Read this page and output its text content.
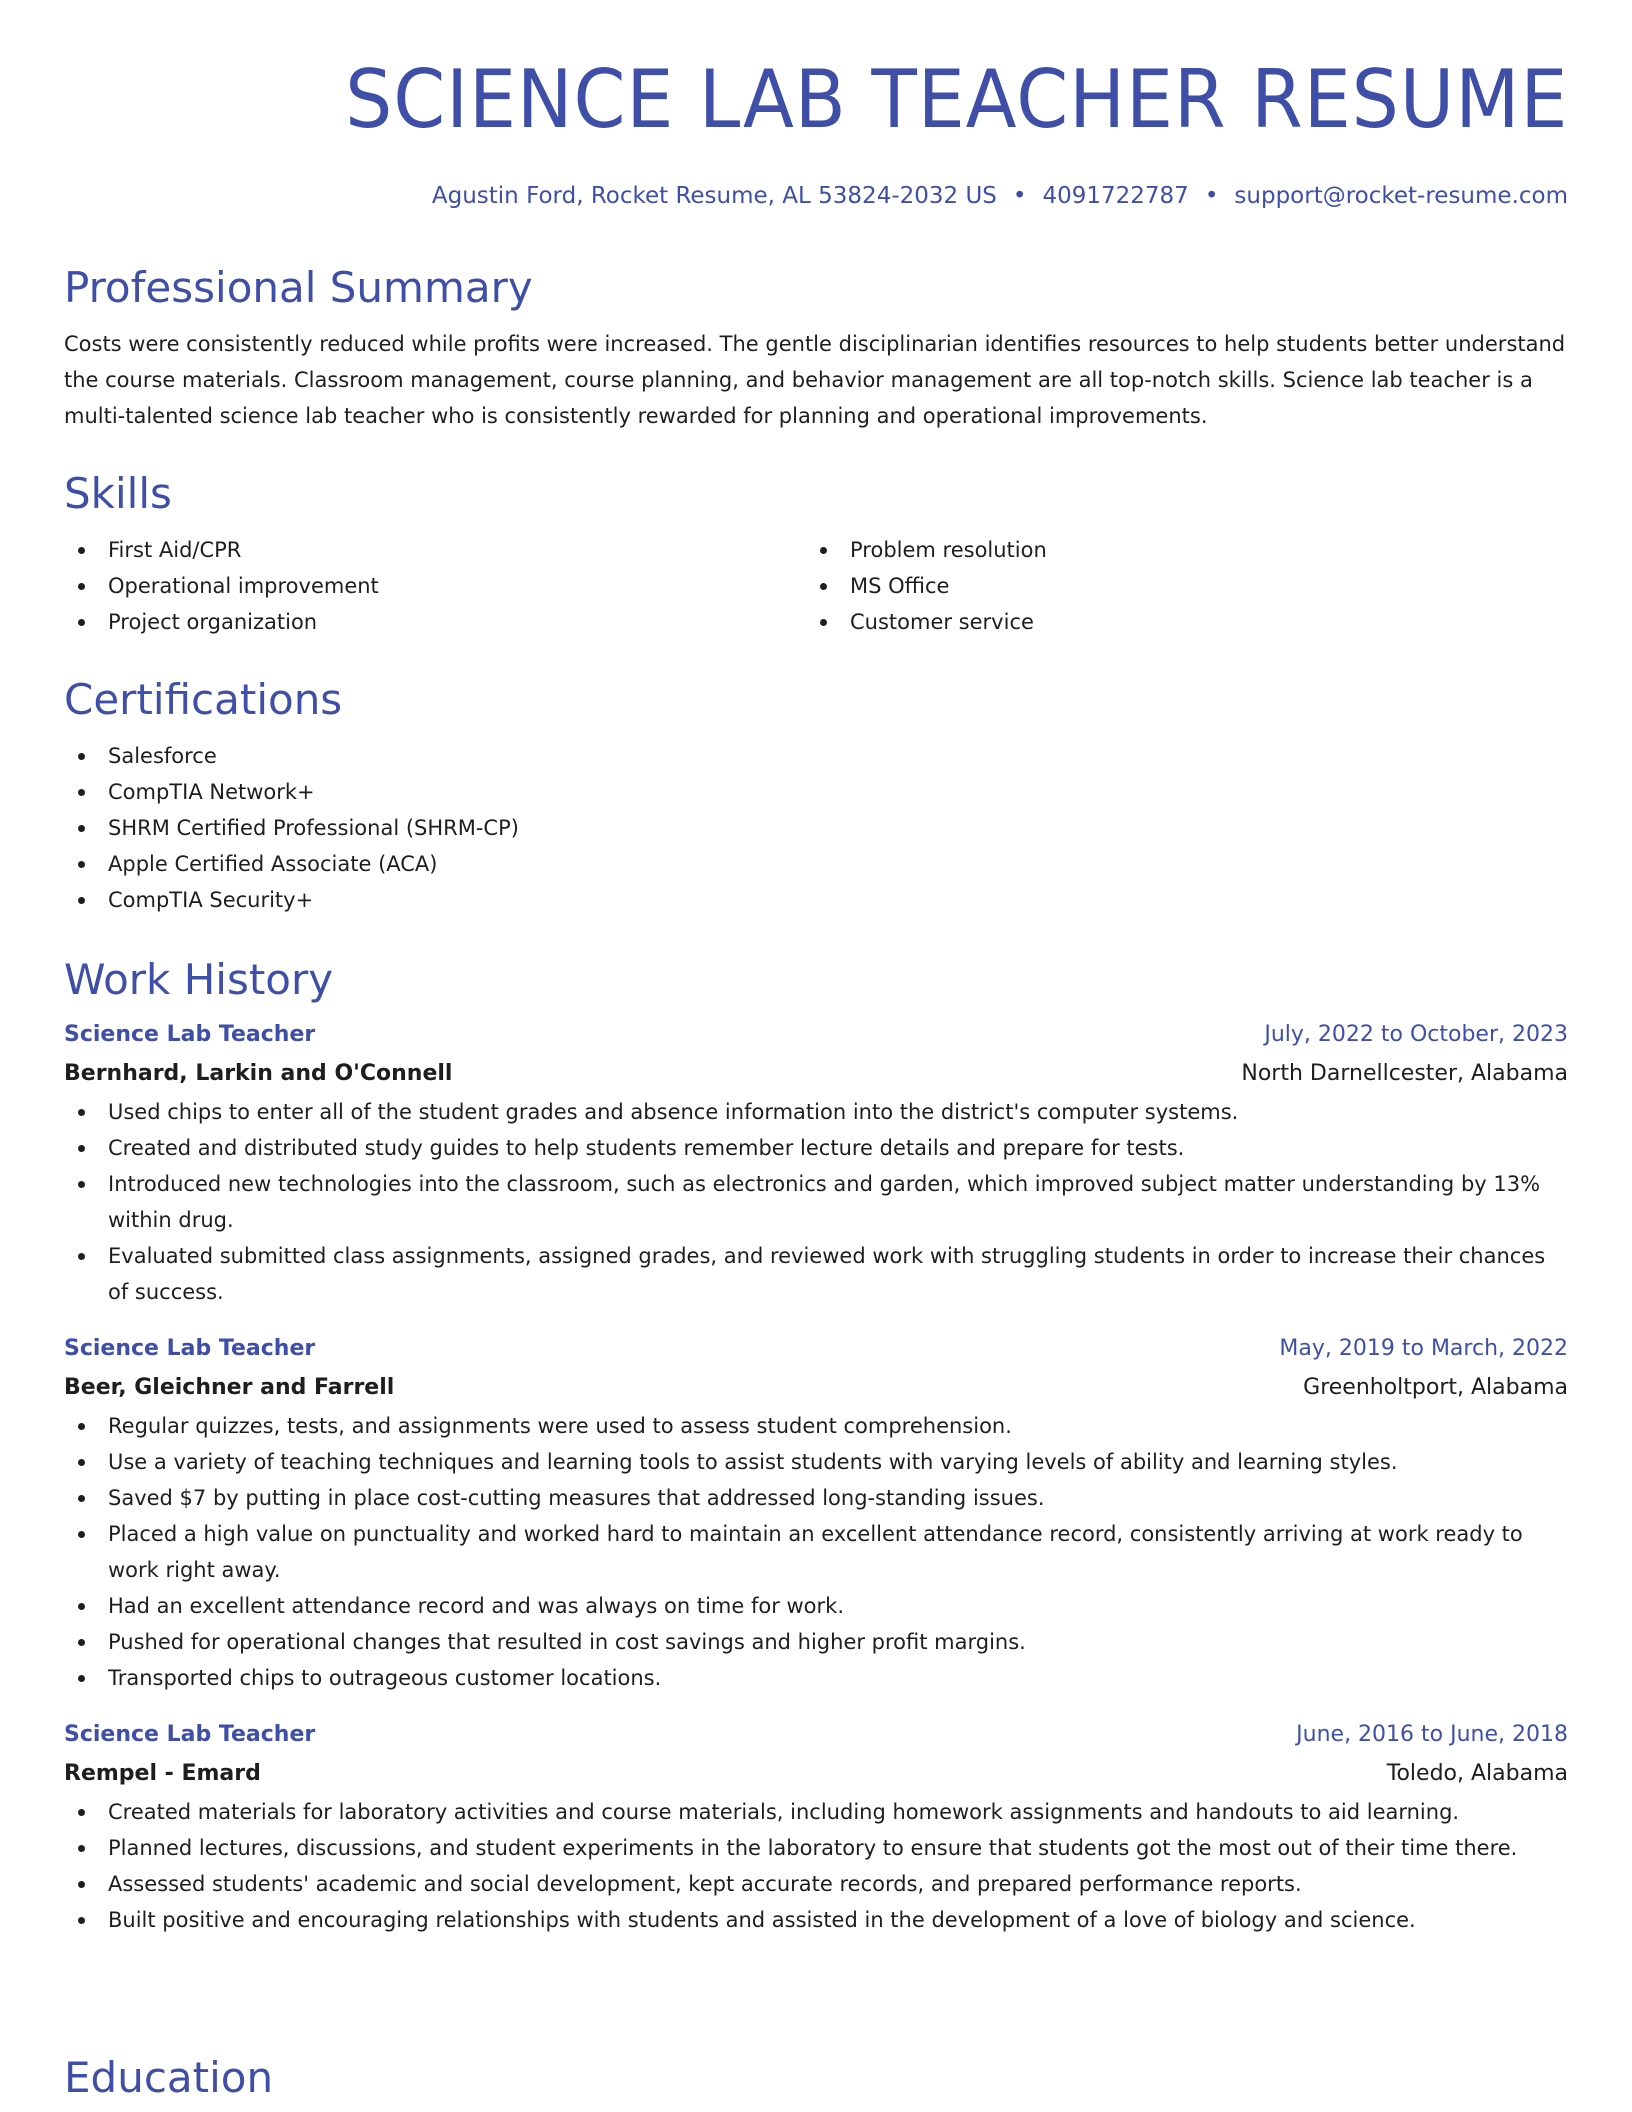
SCIENCE LAB TEACHER RESUME
Agustin Ford, Rocket Resume, AL 53824-2032 US • 4091722787 • support@rocket-resume.com
Professional Summary

Costs were consistently reduced while profits were increased. The gentle disciplinarian identifies resources to help students better understand the course materials. Classroom management, course planning, and behavior management are all top-notch skills. Science lab teacher is a multi-talented science lab teacher who is consistently rewarded for planning and operational improvements.

Skills
First Aid/CPR
Operational improvement
Project organization
Problem resolution
MS Office
Customer service
Certifications
Salesforce
CompTIA Network+
SHRM Certified Professional (SHRM-CP)
Apple Certified Associate (ACA)
CompTIA Security+
Work History
Science Lab Teacher	July, 2022 to October, 2023
Bernhard, Larkin and O'Connell	North Darnellcester, Alabama
Used chips to enter all of the student grades and absence information into the district's computer systems.
Created and distributed study guides to help students remember lecture details and prepare for tests.
Introduced new technologies into the classroom, such as electronics and garden, which improved subject matter understanding by 13% within drug.
Evaluated submitted class assignments, assigned grades, and reviewed work with struggling students in order to increase their chances of success.
Science Lab Teacher	May, 2019 to March, 2022
Beer, Gleichner and Farrell	Greenholtport, Alabama
Regular quizzes, tests, and assignments were used to assess student comprehension.
Use a variety of teaching techniques and learning tools to assist students with varying levels of ability and learning styles.
Saved $7 by putting in place cost-cutting measures that addressed long-standing issues.
Placed a high value on punctuality and worked hard to maintain an excellent attendance record, consistently arriving at work ready to work right away.
Had an excellent attendance record and was always on time for work.
Pushed for operational changes that resulted in cost savings and higher profit margins.
Transported chips to outrageous customer locations.
Science Lab Teacher	June, 2016 to June, 2018
Rempel - Emard	Toledo, Alabama
Created materials for laboratory activities and course materials, including homework assignments and handouts to aid learning.
Planned lectures, discussions, and student experiments in the laboratory to ensure that students got the most out of their time there.
Assessed students' academic and social development, kept accurate records, and prepared performance reports.
Built positive and encouraging relationships with students and assisted in the development of a love of biology and science.
Education
